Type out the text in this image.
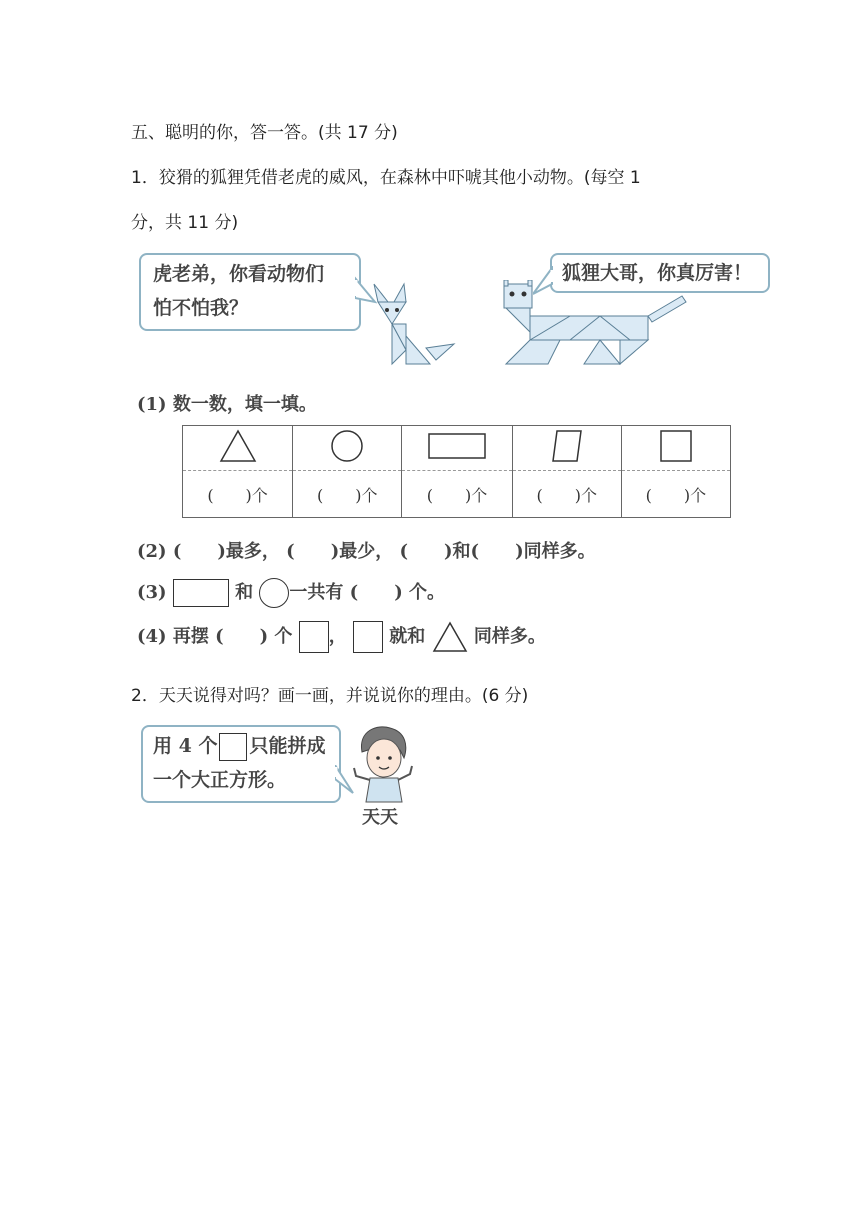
五、聪明的你，答一答。(共 17 分)
1．狡猾的狐狸凭借老虎的威风，在森林中吓唬其他小动物。(每空 1
分，共 11 分)
虎老弟，你看动物们
怕不怕我？
狐狸大哥，你真厉害！
(1) 数一数，填一填。

(　　)个	(　　)个	(　　)个	(　　)个	(　　)个
(2) (　　)最多， (　　)最少， (　　)和(　　)同样多。
(3)	和 一共有 (　　) 个。
(4) 再摆 (　　) 个 ， 就和	同样多。
2．天天说得对吗？画一画，并说说你的理由。(6 分)
用 4 个 只能拼成
一个大正方形。
天天
